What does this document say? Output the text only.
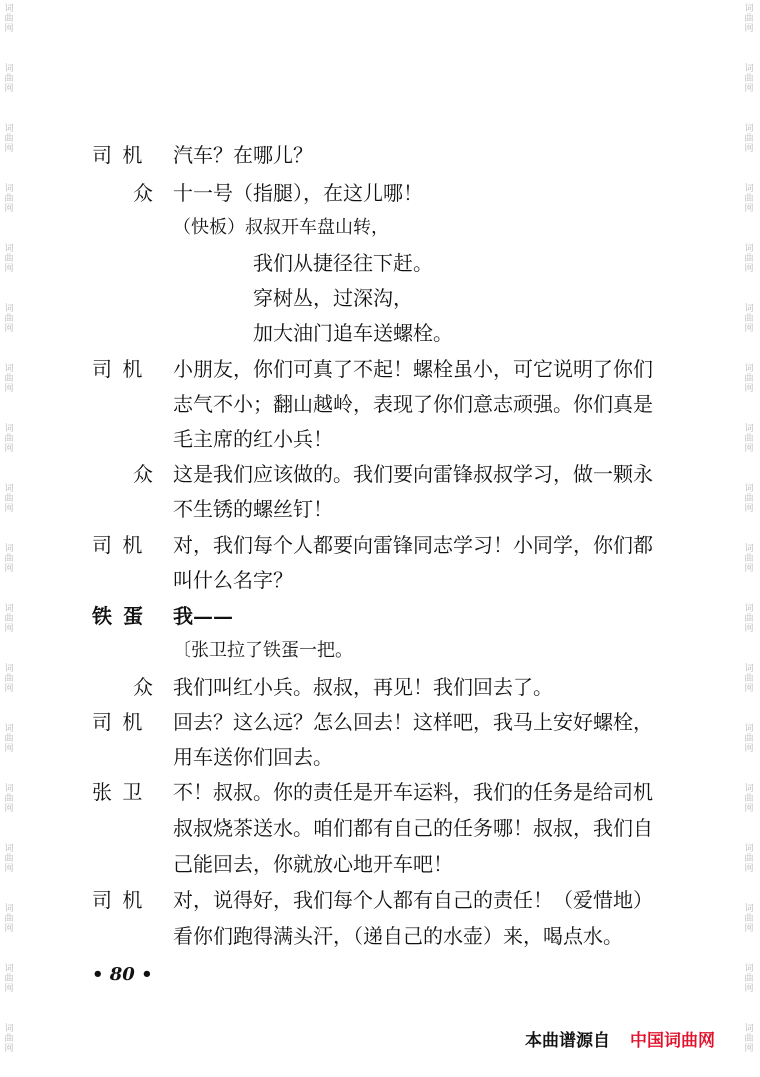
词
曲
网
词
曲
网
词
曲
网
词
曲
网
词
曲
网
词
曲
网
词
曲
网
词
曲
网
词
曲
网
词
曲
网
词
曲
网
词
曲
网
词
曲
网
词
曲
网
词
曲
网
词
曲
网
词
曲
网
词
曲
网
词
曲
网
词
曲
网
词
曲
网
词
曲
网
词
曲
网
词
曲
网
词
曲
网
词
曲
网
词
曲
网
词
曲
网
词
曲
网
词
曲
网
词
曲
网
词
曲
网
词
曲
网
词
曲
网
词
曲
网
词
曲
网
司 机 汽车？在哪儿？
众 十一号（指腿），在这儿哪！
（快板）叔叔开车盘山转，
我们从捷径往下赶。
穿树丛，过深沟，
加大油门追车送螺栓。
司 机 小朋友，你们可真了不起！螺栓虽小，可它说明了你们
志气不小；翻山越岭，表现了你们意志顽强。你们真是
毛主席的红小兵！
众 这是我们应该做的。我们要向雷锋叔叔学习，做一颗永
不生锈的螺丝钉！
司 机 对，我们每个人都要向雷锋同志学习！小同学，你们都
叫什么名字？
铁 蛋 我——
〔张卫拉了铁蛋一把。
众 我们叫红小兵。叔叔，再见！我们回去了。
司 机 回去？这么远？怎么回去！这样吧，我马上安好螺栓，
用车送你们回去。
张 卫 不！叔叔。你的责任是开车运料，我们的任务是给司机
叔叔烧茶送水。咱们都有自己的任务哪！叔叔，我们自
己能回去，你就放心地开车吧！
司 机 对，说得好，我们每个人都有自己的责任！（爱惜地）
看你们跑得满头汗，（递自己的水壶）来，喝点水。
• 80 •
本曲谱源自 中国词曲网
